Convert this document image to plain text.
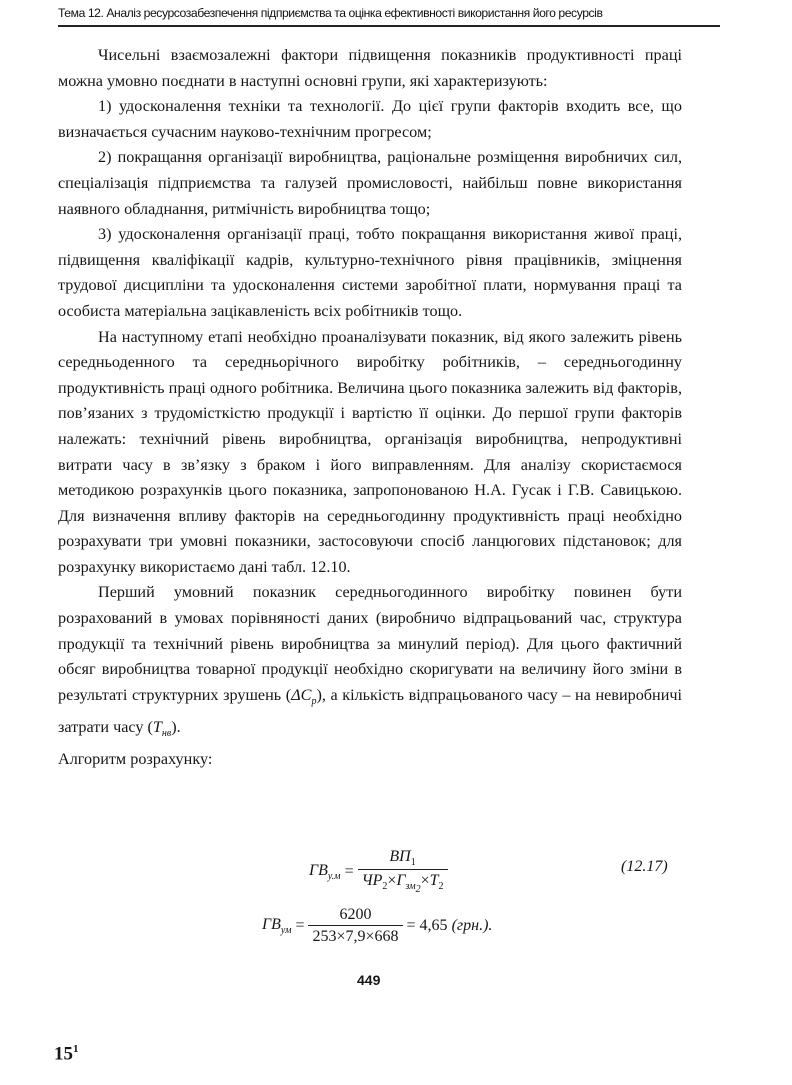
Тема 12. Аналіз ресурсозабезпечення підприємства та оцінка ефективності використання його ресурсів

Чисельні взаємозалежні фактори підвищення показників продуктивності праці можна умовно поєднати в наступні основні групи, які характеризують:

1) удосконалення техніки та технології. До цієї групи факторів входить все, що визначається сучасним науково-технічним прогресом;

2) покращання організації виробництва, раціональне розміщення виробничих сил, спеціалізація підприємства та галузей промисловості, найбільш повне використання наявного обладнання, ритмічність виробництва тощо;

3) удосконалення організації праці, тобто покращання використання живої праці, підвищення кваліфікації кадрів, культурно-технічного рівня працівників, зміцнення трудової дисципліни та удосконалення системи заробітної плати, нормування праці та особиста матеріальна зацікавленість всіх робітників тощо.

На наступному етапі необхідно проаналізувати показник, від якого залежить рівень середньоденного та середньорічного виробітку робітників, – середньогодинну продуктивність праці одного робітника. Величина цього показника залежить від факторів, пов’язаних з трудомісткістю продукції і вартістю її оцінки. До першої групи факторів належать: технічний рівень виробництва, організація виробництва, непродуктивні витрати часу в зв’язку з браком і його виправленням. Для аналізу скористаємося методикою розрахунків цього показника, запропонованою Н.А. Гусак і Г.В. Савицькою. Для визначення впливу факторів на середньогодинну продуктивність праці необхідно розрахувати три умовні показники, застосовуючи спосіб ланцюгових підстановок; для розрахунку використаємо дані табл. 12.10.

Перший умовний показник середньогодинного виробітку повинен бути розрахований в умовах порівняності даних (виробничо відпрацьований час, структура продукції та технічний рівень виробництва за минулий період). Для цього фактичний обсяг виробництва товарної продукції необхідно скоригувати на величину його зміни в результаті структурних зрушень $(\Delta C_р)$, а кількість відпрацьованого часу – на невиробничі затрати часу $(T_{нв})$.

Алгоритм розрахунку:

$ГВ_{у.м} = \frac{ВП_1}{ЧР_2\times Г_{зм_2}\times Т_2}$	(12.17)
$ГВ_{ум} = \frac{6200}{253\times 7,9\times 668} = 4,65$ (грн.).
449
$15^1$
